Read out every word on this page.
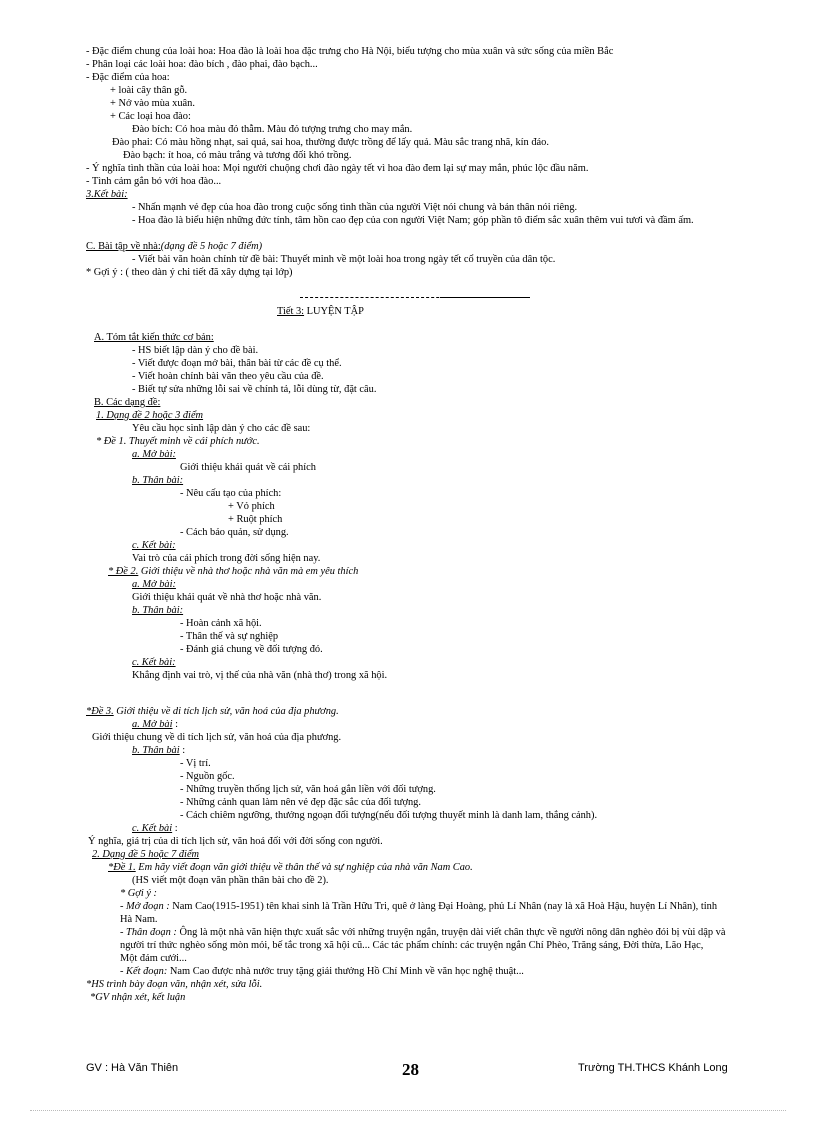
- Đặc điểm chung của loài hoa: Hoa đào là loài hoa đặc trưng cho Hà Nội, biểu tượng cho mùa xuân và sức sống của miền Bắc
- Phân loại các loài hoa: đào bích , đào phai, đào bạch...
- Đặc điểm của hoa:
+ loài cây thân gỗ.
+ Nở vào mùa xuân.
+ Các loại hoa đào:
Đào bích: Có hoa màu đỏ thẫm. Màu đỏ tượng trưng cho may mắn.
Đào phai: Có màu hồng nhạt, sai quả, sai hoa, thường được trồng để lấy quả. Màu sắc trang nhã, kín đáo.
Đào bạch: ít hoa, có màu trắng và tương đối khó trồng.
- Ý nghĩa tình thần của loài hoa: Mọi người chuộng chơi đào ngày tết vì hoa đào đem lại sự may mắn, phúc lộc đầu năm.
- Tình cảm gắn bó với hoa đào...
3.Kết bài:
- Nhấn mạnh vẻ đẹp của hoa đào trong cuộc sống tình thần của người Việt nói chung và bản thân nói riêng.
- Hoa đào là biểu hiện những đức tính, tâm hồn cao đẹp của con người Việt Nam; góp phần tô điểm sắc xuân thêm vui tươi và đầm ấm.
C. Bài tập về nhà:(dạng đề 5 hoặc 7 điểm)
- Viết bài văn hoàn chỉnh từ đề bài: Thuyết minh về một loài hoa trong ngày tết cổ truyền của dân tộc.
* Gợi ý : ( theo dàn ý chi tiết đã xây dựng tại lớp)
Tiết 3: LUYỆN TẬP
A. Tóm tắt kiến thức cơ bản:
- HS biết lập dàn ý cho đề bài.
- Viết được đoạn mở bài, thân bài từ các đề cụ thể.
- Viết hoàn chỉnh bài văn theo yêu cầu của đề.
- Biết tự sửa những lỗi sai về chính tả, lỗi dùng từ, đặt câu.
B. Các dạng đề:
1. Dạng đề 2 hoặc 3 điểm
Yêu cầu học sinh lập dàn ý cho các đề sau:
* Đề 1. Thuyết minh về cái phích nước.
a. Mở bài:
Giới thiệu khái quát về cái phích
b. Thân bài:
- Nêu cấu tạo của phích:
+ Vỏ phích
+ Ruột phích
- Cách bảo quản, sử dụng.
c. Kết bài:
Vai trò của cái phích trong đời sống hiện nay.
* Đề 2. Giới thiệu về nhà thơ hoặc nhà văn mà em yêu thích
a. Mở bài:
Giới thiệu khái quát về nhà thơ hoặc nhà văn.
b. Thân bài:
- Hoàn cảnh xã hội.
- Thân thế và sự nghiệp
- Đánh giá chung về đối tượng đó.
c. Kết bài:
Khẳng định vai trò, vị thế của nhà văn (nhà thơ) trong xã hội.
*Đề 3. Giới thiệu về di tích lịch sử, văn hoá của địa phương.
a. Mở bài :
Giới thiệu chung về di tích lịch sử, văn hoá của địa phương.
b. Thân bài :
- Vị trí.
- Nguồn gốc.
- Những truyền thống lịch sử, văn hoá gắn liền với đối tượng.
- Những cảnh quan làm nên vẻ đẹp đặc sắc của đối tượng.
- Cách chiêm ngưỡng, thưởng ngoạn đối tượng(nếu đối tượng thuyết minh là danh lam, thắng cảnh).
c. Kết bài :
Ý nghĩa, giá trị của di tích lịch sử, văn hoá đối với đời sống con người.
2. Dạng đề 5 hoặc 7 điểm
*Đề 1. Em hãy viết đoạn văn giới thiệu về thân thế và sự nghiệp của nhà văn Nam Cao.
(HS viết một đoạn văn phần thân bài cho đề 2).
* Gợi ý :
- Mở đoạn : Nam Cao(1915-1951) tên khai sinh là Trần Hữu Tri, quê ở làng Đại Hoàng, phủ Lí Nhân (nay là xã Hoà Hậu, huyện Lí Nhân), tỉnh
Hà Nam.
- Thân đoạn : Ông là một nhà văn hiện thực xuất sắc với những truyện ngắn, truyện dài viết chân thực về người nông dân nghèo đói bị vùi dập và
người trí thức nghèo sống mòn mỏi, bế tắc trong xã hội cũ... Các tác phẩm chính: các truyện ngắn Chí Phèo, Trăng sáng, Đời thừa, Lão Hạc,
Một đám cưới...
- Kết đoạn: Nam Cao được nhà nước truy tặng giải thưởng Hồ Chí Minh về văn học nghệ thuật...
*HS trình bày đoạn văn, nhận xét, sửa lỗi.
*GV nhận xét, kết luận
GV : Hà Văn Thiên	28	Trường TH.THCS Khánh Long
